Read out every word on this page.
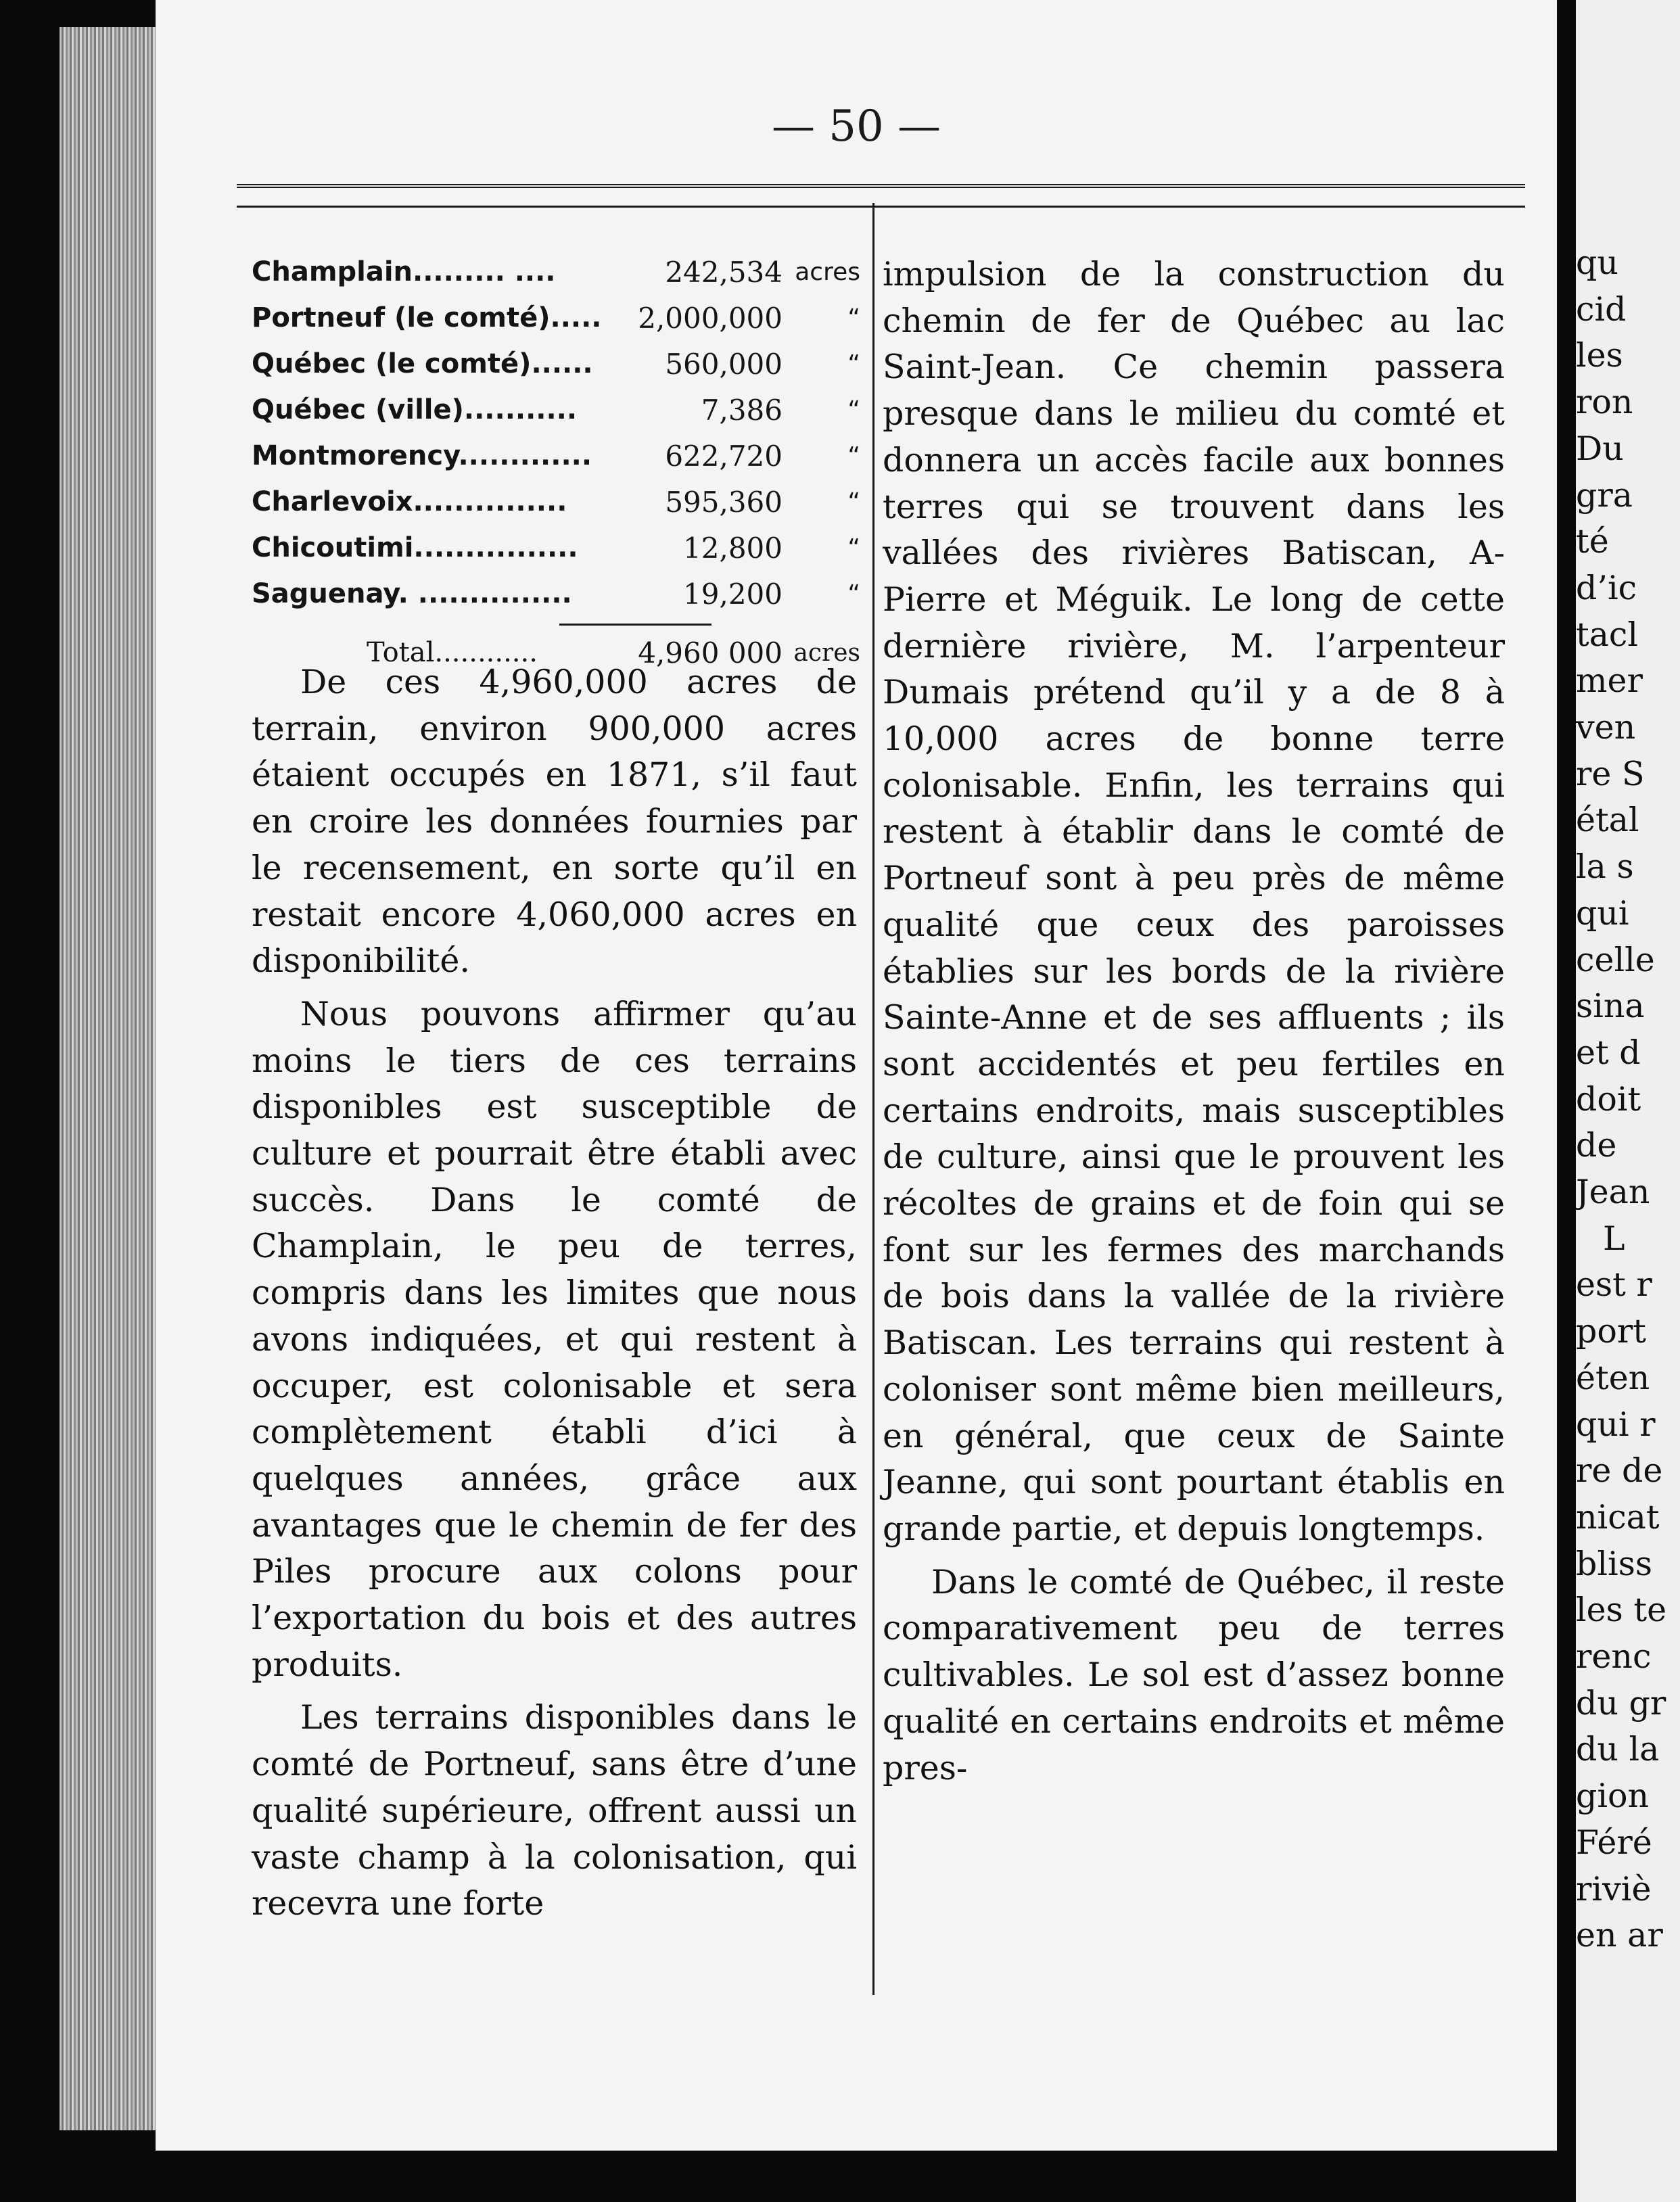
— 50 —
Champlain......... ....	242,534 acres
Portneuf (le comté).....	2,000,000	“
Québec (le comté)......	560,000	“
Québec (ville)...........	7,386	“
Montmorency.............	622,720	“
Charlevoix...............	595,360	“
Chicoutimi................	12,800	“
Saguenay. ...............	19,200	“
Total............	4,960 000 acres

De ces 4,960,000 acres de terrain, environ 900,000 acres étaient occupés en 1871, s’il faut en croire les données fournies par le recensement, en sorte qu’il en restait encore 4,060,000 acres en disponibilité.

Nous pouvons affirmer qu’au moins le tiers de ces terrains disponibles est susceptible de culture et pourrait être établi avec succès. Dans le comté de Champlain, le peu de terres, compris dans les limites que nous avons indiquées, et qui restent à occuper, est colonisable et sera complètement établi d’ici à quelques années, grâce aux avantages que le chemin de fer des Piles procure aux colons pour l’exportation du bois et des autres produits.

Les terrains disponibles dans le comté de Portneuf, sans être d’une qualité supérieure, offrent aussi un vaste champ à la colonisation, qui recevra une forte

impulsion de la construction du chemin de fer de Québec au lac Saint-Jean. Ce chemin passera presque dans le milieu du comté et donnera un accès facile aux bonnes terres qui se trouvent dans les vallées des rivières Batiscan, A-Pierre et Méguik. Le long de cette dernière rivière, M. l’arpenteur Dumais prétend qu’il y a de 8 à 10,000 acres de bonne terre colonisable. Enfin, les terrains qui restent à établir dans le comté de Portneuf sont à peu près de même qualité que ceux des paroisses établies sur les bords de la rivière Sainte-Anne et de ses affluents ; ils sont accidentés et peu fertiles en certains endroits, mais susceptibles de culture, ainsi que le prouvent les récoltes de grains et de foin qui se font sur les fermes des marchands de bois dans la vallée de la rivière Batiscan. Les terrains qui restent à coloniser sont même bien meilleurs, en général, que ceux de Sainte Jeanne, qui sont pourtant établis en grande partie, et depuis longtemps.

Dans le comté de Québec, il reste comparativement peu de terres cultivables. Le sol est d’assez bonne qualité en certains endroits et même pres-

qu
cid
les
ron
Du
gra
té
d’ic
tacl
mer
ven
re S
étal
la s
qui
celle
sina
et d
doit
de
Jean
L
est r
port
éten
qui r
re de
nicat
bliss
les te
renc
du gr
du la
gion
Féré
riviè
en ar
